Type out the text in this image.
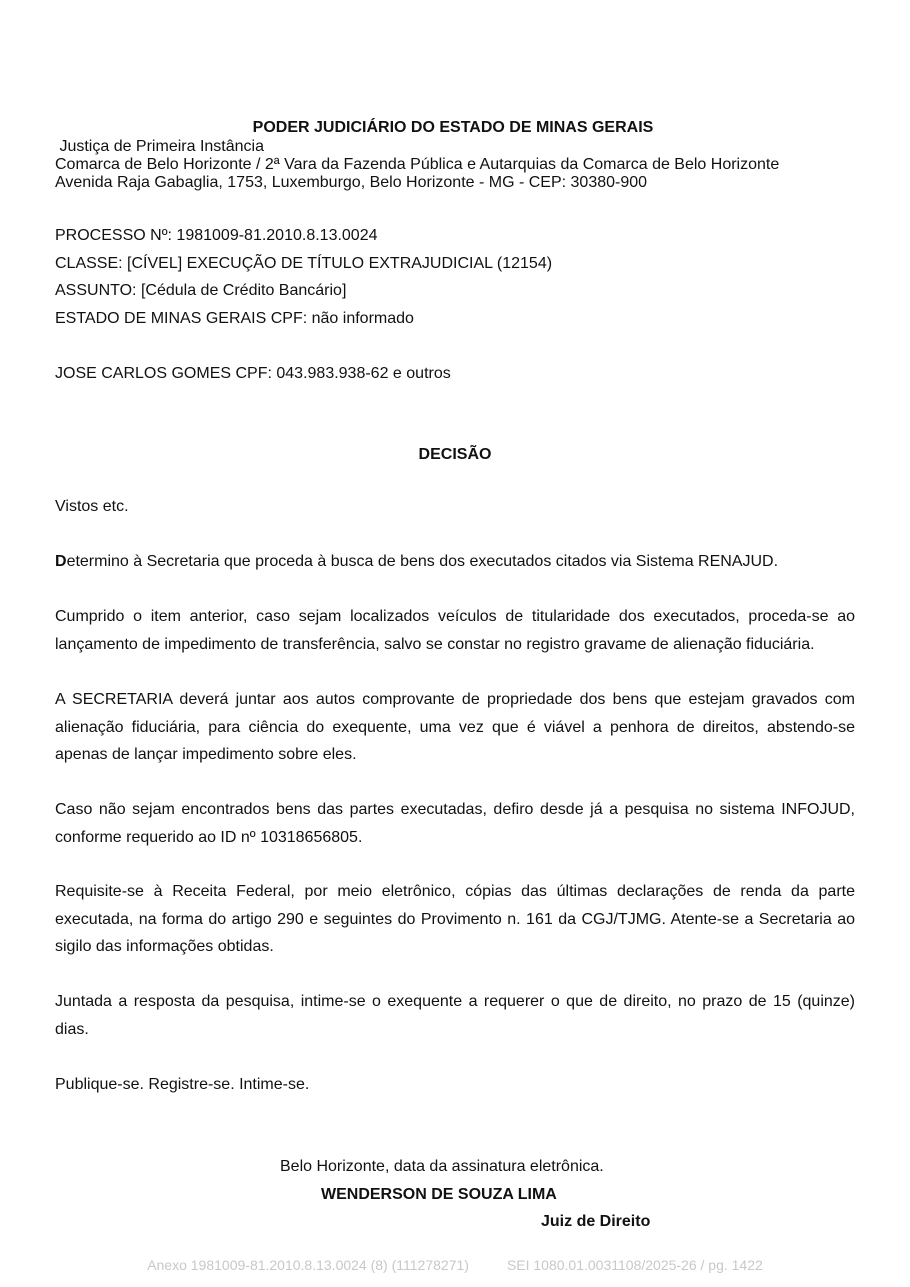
PODER JUDICIÁRIO DO ESTADO DE MINAS GERAIS
Justiça de Primeira Instância
Comarca de Belo Horizonte / 2ª Vara da Fazenda Pública e Autarquias da Comarca de Belo Horizonte
Avenida Raja Gabaglia, 1753, Luxemburgo, Belo Horizonte - MG - CEP: 30380-900
PROCESSO Nº: 1981009-81.2010.8.13.0024
CLASSE: [CÍVEL] EXECUÇÃO DE TÍTULO EXTRAJUDICIAL (12154)
ASSUNTO: [Cédula de Crédito Bancário]
ESTADO DE MINAS GERAIS CPF: não informado
JOSE CARLOS GOMES CPF: 043.983.938-62 e outros
DECISÃO
Vistos etc.
Determino à Secretaria que proceda à busca de bens dos executados citados via Sistema RENAJUD.
Cumprido o item anterior, caso sejam localizados veículos de titularidade dos executados, proceda-se ao lançamento de impedimento de transferência, salvo se constar no registro gravame de alienação fiduciária.
A SECRETARIA deverá juntar aos autos comprovante de propriedade dos bens que estejam gravados com alienação fiduciária, para ciência do exequente, uma vez que é viável a penhora de direitos, abstendo-se apenas de lançar impedimento sobre eles.
Caso não sejam encontrados bens das partes executadas, defiro desde já a pesquisa no sistema INFOJUD, conforme requerido ao ID nº 10318656805.
Requisite-se à Receita Federal, por meio eletrônico, cópias das últimas declarações de renda da parte executada, na forma do artigo 290 e seguintes do Provimento n. 161 da CGJ/TJMG. Atente-se a Secretaria ao sigilo das informações obtidas.
Juntada a resposta da pesquisa, intime-se o exequente a requerer o que de direito, no prazo de 15 (quinze) dias.
Publique-se. Registre-se. Intime-se.
Belo Horizonte, data da assinatura eletrônica.
WENDERSON DE SOUZA LIMA
Juiz de Direito
Anexo 1981009-81.2010.8.13.0024 (8) (111278271)	SEI 1080.01.0031108/2025-26 / pg. 1422
